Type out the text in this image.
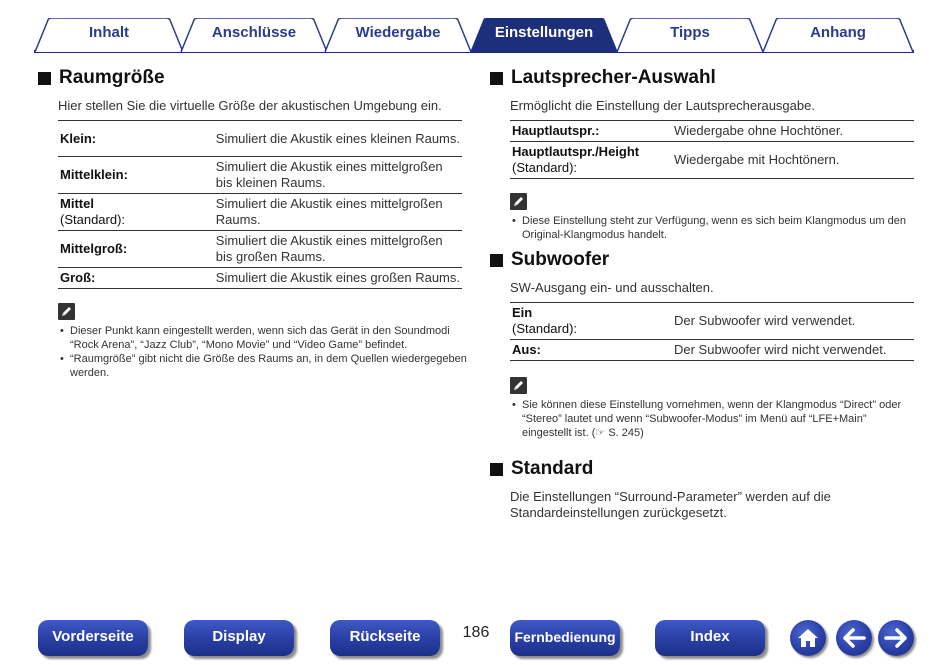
Inhalt	Anschlüsse	Wiedergabe	Einstellungen	Tipps	Anhang
Raumgröße
Hier stellen Sie die virtuelle Größe der akustischen Umgebung ein.
Klein:	Simuliert die Akustik eines kleinen Raums.
Mittelklein:	Simuliert die Akustik eines mittelgroßen bis kleinen Raums.
Mittel
(Standard):	Simuliert die Akustik eines mittelgroßen Raums.
Mittelgroß:	Simuliert die Akustik eines mittelgroßen bis großen Raums.
Groß:	Simuliert die Akustik eines großen Raums.
• Dieser Punkt kann eingestellt werden, wenn sich das Gerät in den Soundmodi “Rock Arena”, “Jazz Club”, “Mono Movie” und “Video Game” befindet.
• “Raumgröße” gibt nicht die Größe des Raums an, in dem Quellen wiedergegeben werden.
Lautsprecher-Auswahl
Ermöglicht die Einstellung der Lautsprecherausgabe.
Hauptlautspr.:	Wiedergabe ohne Hochtöner.
Hauptlautspr./Height
(Standard):	Wiedergabe mit Hochtönern.
• Diese Einstellung steht zur Verfügung, wenn es sich beim Klangmodus um den Original-Klangmodus handelt.
Subwoofer
SW-Ausgang ein- und ausschalten.
Ein
(Standard):	Der Subwoofer wird verwendet.
Aus:	Der Subwoofer wird nicht verwendet.
• Sie können diese Einstellung vornehmen, wenn der Klangmodus “Direct” oder “Stereo” lautet und wenn “Subwoofer-Modus” im Menü auf “LFE+Main” eingestellt ist. (☞ S. 245)
Standard
Die Einstellungen “Surround-Parameter” werden auf die Standardeinstellungen zurückgesetzt.
Vorderseite	Display	Rückseite	186	Fernbedienung	Index
